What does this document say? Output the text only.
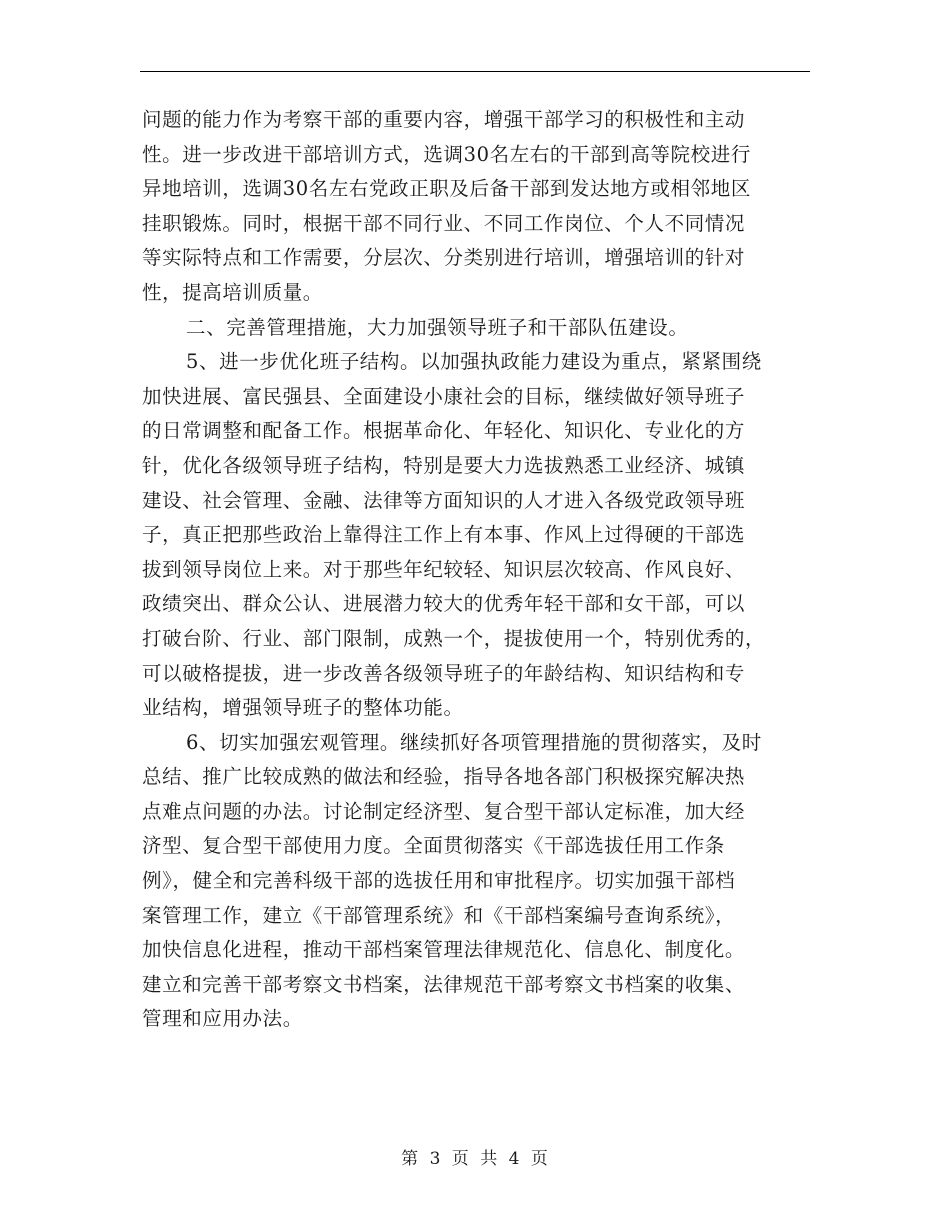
问题的能力作为考察干部的重要内容，增强干部学习的积极性和主动
性。进一步改进干部培训方式，选调30名左右的干部到高等院校进行
异地培训，选调30名左右党政正职及后备干部到发达地方或相邻地区
挂职锻炼。同时，根据干部不同行业、不同工作岗位、个人不同情况
等实际特点和工作需要，分层次、分类别进行培训，增强培训的针对
性，提高培训质量。
二、完善管理措施，大力加强领导班子和干部队伍建设。
5、进一步优化班子结构。以加强执政能力建设为重点，紧紧围绕
加快进展、富民强县、全面建设小康社会的目标，继续做好领导班子
的日常调整和配备工作。根据革命化、年轻化、知识化、专业化的方
针，优化各级领导班子结构，特别是要大力选拔熟悉工业经济、城镇
建设、社会管理、金融、法律等方面知识的人才进入各级党政领导班
子，真正把那些政治上靠得注工作上有本事、作风上过得硬的干部选
拔到领导岗位上来。对于那些年纪较轻、知识层次较高、作风良好、
政绩突出、群众公认、进展潜力较大的优秀年轻干部和女干部，可以
打破台阶、行业、部门限制，成熟一个，提拔使用一个，特别优秀的，
可以破格提拔，进一步改善各级领导班子的年龄结构、知识结构和专
业结构，增强领导班子的整体功能。
6、切实加强宏观管理。继续抓好各项管理措施的贯彻落实，及时
总结、推广比较成熟的做法和经验，指导各地各部门积极探究解决热
点难点问题的办法。讨论制定经济型、复合型干部认定标准，加大经
济型、复合型干部使用力度。全面贯彻落实《干部选拔任用工作条
例》，健全和完善科级干部的选拔任用和审批程序。切实加强干部档
案管理工作，建立《干部管理系统》和《干部档案编号查询系统》，
加快信息化进程，推动干部档案管理法律规范化、信息化、制度化。
建立和完善干部考察文书档案，法律规范干部考察文书档案的收集、
管理和应用办法。
第 3 页 共 4 页
